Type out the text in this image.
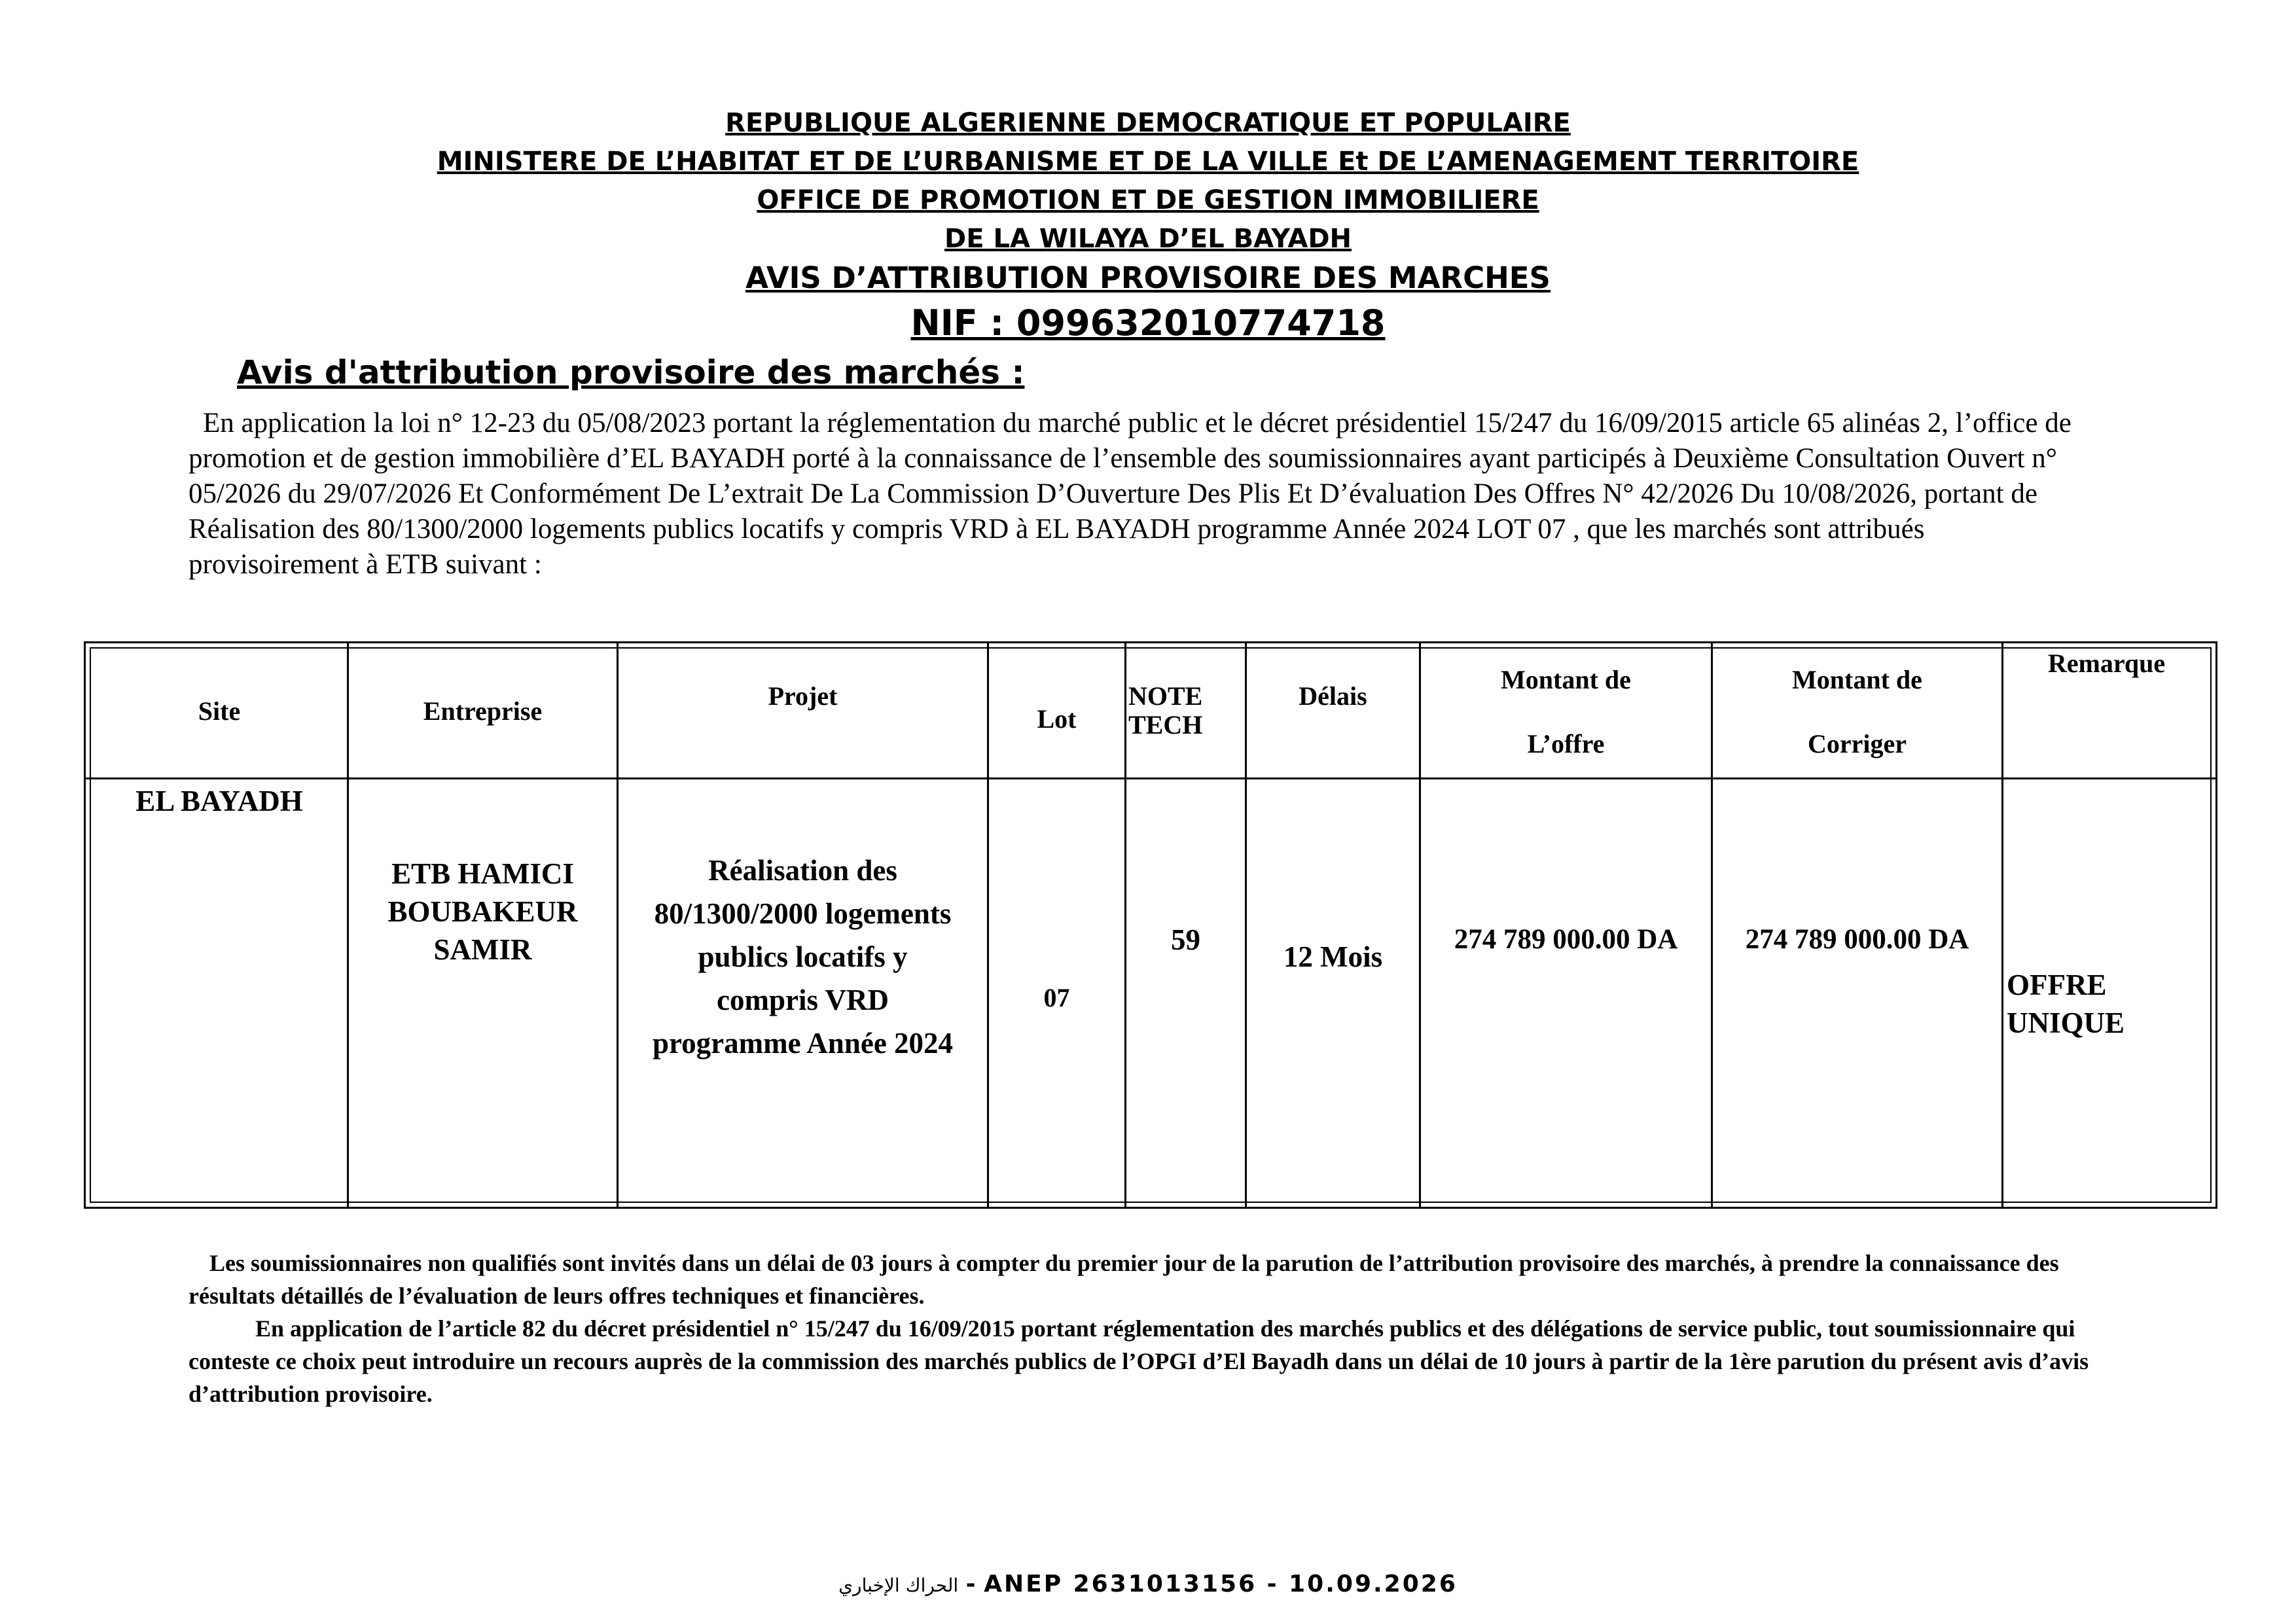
REPUBLIQUE ALGERIENNE DEMOCRATIQUE ET POPULAIRE
MINISTERE DE L’HABITAT ET DE L’URBANISME ET DE LA VILLE Et DE L’AMENAGEMENT TERRITOIRE
OFFICE DE PROMOTION ET DE GESTION IMMOBILIERE
DE LA WILAYA D’EL BAYADH
AVIS D’ATTRIBUTION PROVISOIRE DES MARCHES
NIF : 099632010774718
Avis d'attribution provisoire des marchés :
En application la loi n° 12-23 du 05/08/2023 portant la réglementation du marché public et le décret présidentiel 15/247 du 16/09/2015 article 65 alinéas 2, l’office de promotion et de gestion immobilière d’EL BAYADH porté à la connaissance de l’ensemble des soumissionnaires ayant participés à Deuxième Consultation Ouvert n° 05/2026 du 29/07/2026 Et Conformément De L’extrait De La Commission D’Ouverture Des Plis Et D’évaluation Des Offres N° 42/2026 Du 10/08/2026, portant de Réalisation des 80/1300/2000 logements publics locatifs y compris VRD à EL BAYADH programme Année 2024 LOT 07 , que les marchés sont attribués provisoirement à ETB suivant :
Site	Entreprise
Projet
Lot
NOTE
TECH
Délais
Montant de
L’offre
Montant de
Corriger
Remarque
EL BAYADH
ETB HAMICI
BOUBAKEUR
SAMIR
Réalisation des
80/1300/2000 logements
publics locatifs y
compris VRD
programme Année 2024
07
59
12 Mois
274 789 000.00 DA	274 789 000.00 DA
OFFRE
UNIQUE

Les soumissionnaires non qualifiés sont invités dans un délai de 03 jours à compter du premier jour de la parution de l’attribution provisoire des marchés, à prendre la connaissance des résultats détaillés de l’évaluation de leurs offres techniques et financières.

En application de l’article 82 du décret présidentiel n° 15/247 du 16/09/2015 portant réglementation des marchés publics et des délégations de service public, tout soumissionnaire qui conteste ce choix peut introduire un recours auprès de la commission des marchés publics de l’OPGI d’El Bayadh dans un délai de 10 jours à partir de la 1ère parution du présent avis d’avis d’attribution provisoire.

الحراك الإخباري - ANEP 2631013156 - 10.09.2026
